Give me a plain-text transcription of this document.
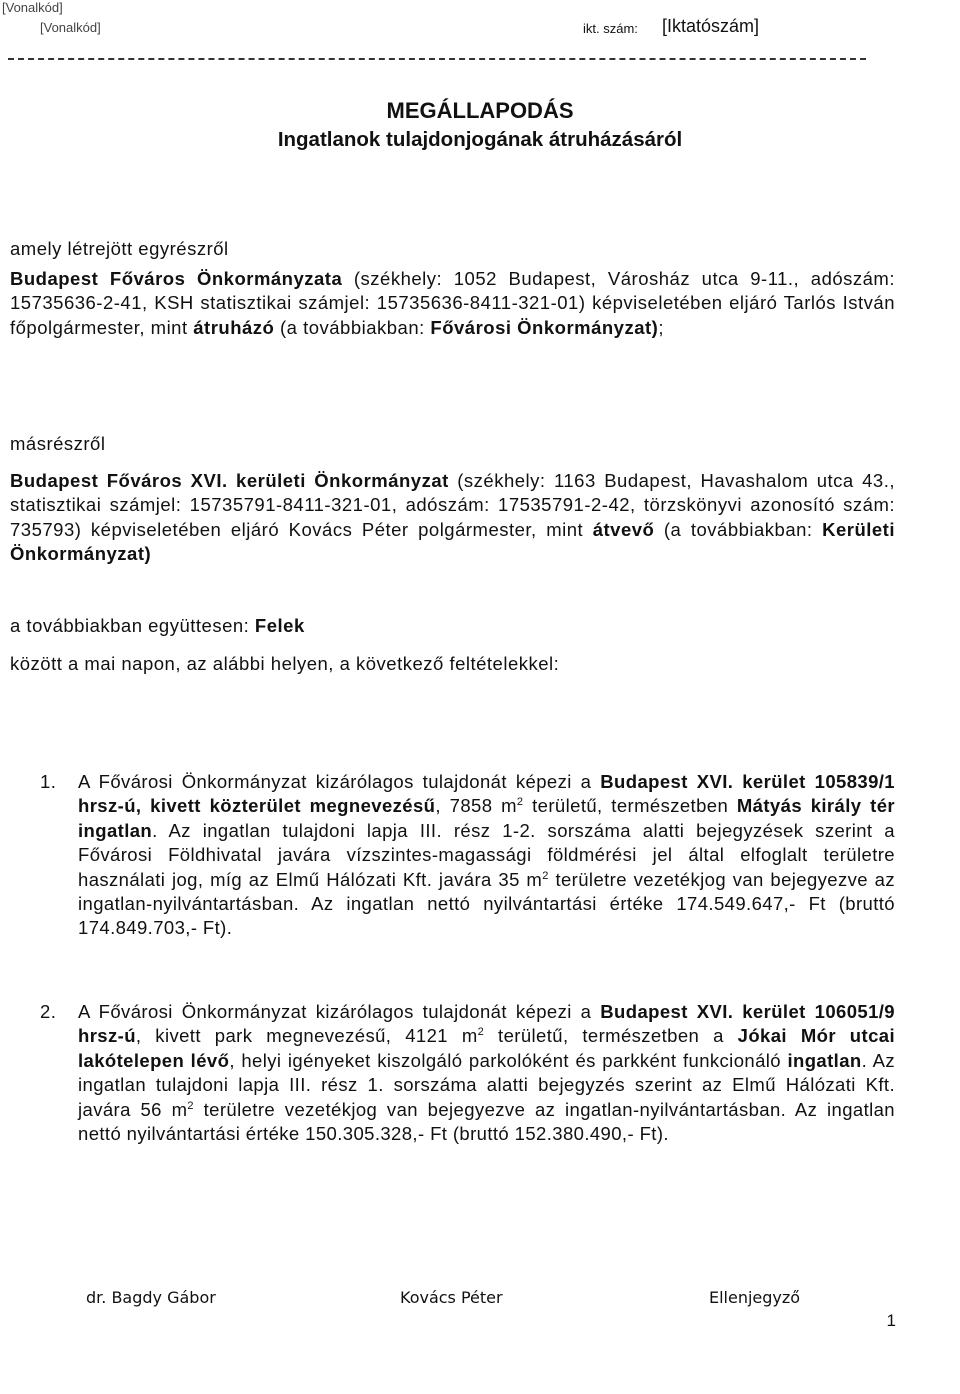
[Vonalkód]
[Vonalkód]	ikt. szám: [Iktatószám]
MEGÁLLAPODÁS
Ingatlanok tulajdonjogának átruházásáról
amely létrejött egyrészről
Budapest Főváros Önkormányzata (székhely: 1052 Budapest, Városház utca 9-11., adószám: 15735636-2-41, KSH statisztikai számjel: 15735636-8411-321-01) képviseletében eljáró Tarlós István főpolgármester, mint átruházó (a továbbiakban: Fővárosi Önkormányzat);
másrészről
Budapest Főváros XVI. kerületi Önkormányzat (székhely: 1163 Budapest, Havashalom utca 43., statisztikai számjel: 15735791-8411-321-01, adószám: 17535791-2-42, törzskönyvi azonosító szám: 735793) képviseletében eljáró Kovács Péter polgármester, mint átvevő (a továbbiakban: Kerületi Önkormányzat)
a továbbiakban együttesen: Felek
között a mai napon, az alábbi helyen, a következő feltételekkel:
1. A Fővárosi Önkormányzat kizárólagos tulajdonát képezi a Budapest XVI. kerület 105839/1 hrsz-ú, kivett közterület megnevezésű, 7858 $m^2$ területű, természetben Mátyás király tér ingatlan. Az ingatlan tulajdoni lapja III. rész 1-2. sorszáma alatti bejegyzések szerint a Fővárosi Földhivatal javára vízszintes-magassági földmérési jel által elfoglalt területre használati jog, míg az Elmű Hálózati Kft. javára 35 $m^2$ területre vezetékjog van bejegyezve az ingatlan-nyilvántartásban. Az ingatlan nettó nyilvántartási értéke 174.549.647,- Ft (bruttó 174.849.703,- Ft).
2. A Fővárosi Önkormányzat kizárólagos tulajdonát képezi a Budapest XVI. kerület 106051/9 hrsz-ú, kivett park megnevezésű, 4121 $m^2$ területű, természetben a Jókai Mór utcai lakótelepen lévő, helyi igényeket kiszolgáló parkolóként és parkként funkcionáló ingatlan. Az ingatlan tulajdoni lapja III. rész 1. sorszáma alatti bejegyzés szerint az Elmű Hálózati Kft. javára 56 $m^2$ területre vezetékjog van bejegyezve az ingatlan-nyilvántartásban. Az ingatlan nettó nyilvántartási értéke 150.305.328,- Ft (bruttó 152.380.490,- Ft).
dr. Bagdy Gábor	Kovács Péter	Ellenjegyző
1
